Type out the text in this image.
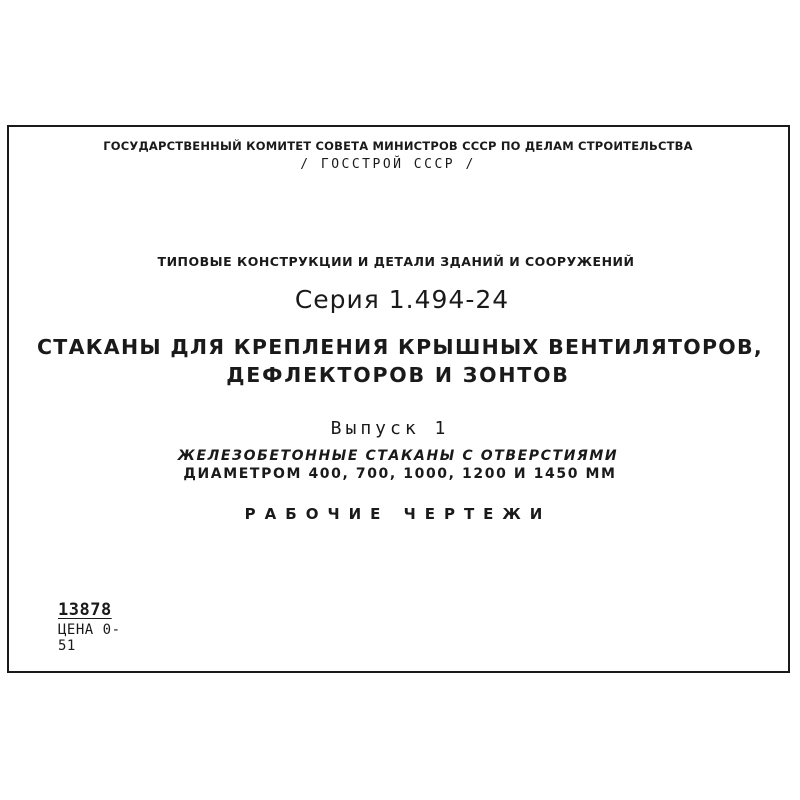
ГОСУДАРСТВЕННЫЙ КОМИТЕТ СОВЕТА МИНИСТРОВ СССР ПО ДЕЛАМ СТРОИТЕЛЬСТВА
/ ГОССТРОЙ СССР /
ТИПОВЫЕ КОНСТРУКЦИИ И ДЕТАЛИ ЗДАНИЙ И СООРУЖЕНИЙ
Серия 1.494-24
СТАКАНЫ ДЛЯ КРЕПЛЕНИЯ КРЫШНЫХ ВЕНТИЛЯТОРОВ,
ДЕФЛЕКТОРОВ И ЗОНТОВ
Выпуск 1
ЖЕЛЕЗОБЕТОННЫЕ СТАКАНЫ С ОТВЕРСТИЯМИ
ДИАМЕТРОМ 400, 700, 1000, 1200 И 1450 ММ
РАБОЧИЕ ЧЕРТЕЖИ
13878
ЦЕНА 0-51
